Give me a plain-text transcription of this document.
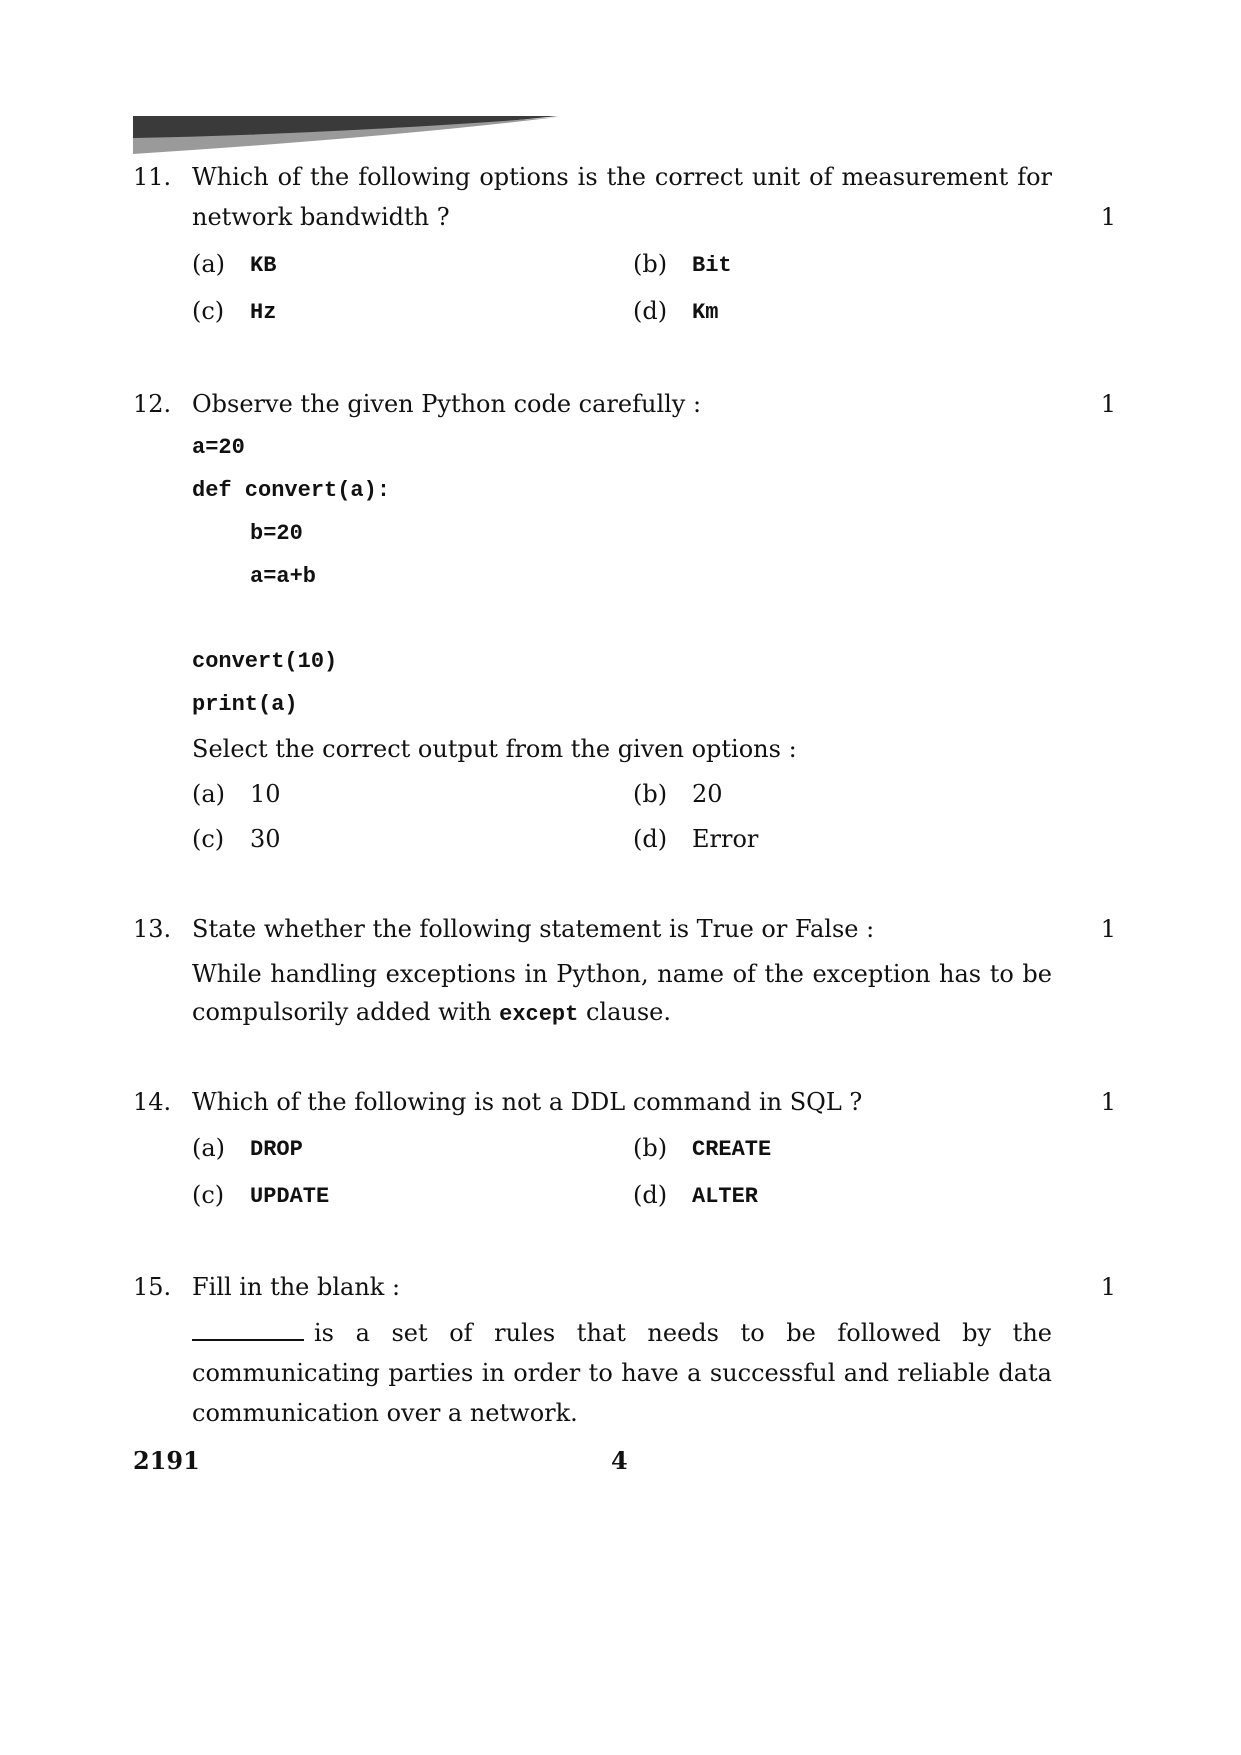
11. Which of the following options is the correct unit of measurement for
network bandwidth ?	1
(a) KB	(b) Bit
(c) Hz	(d) Km
12. Observe the given Python code carefully :	1
a=20
def convert(a):
b=20
a=a+b
convert(10)
print(a)
Select the correct output from the given options :
(a) 10	(b) 20
(c) 30	(d) Error
13. State whether the following statement is True or False :	1
While handling exceptions in Python, name of the exception has to be compulsorily added with except clause.
14. Which of the following is not a DDL command in SQL ?	1
(a) DROP	(b) CREATE
(c) UPDATE	(d) ALTER
15. Fill in the blank :	1
is a set of rules that needs to be followed by the communicating parties in order to have a successful and reliable data communication over a network.
2191	4
